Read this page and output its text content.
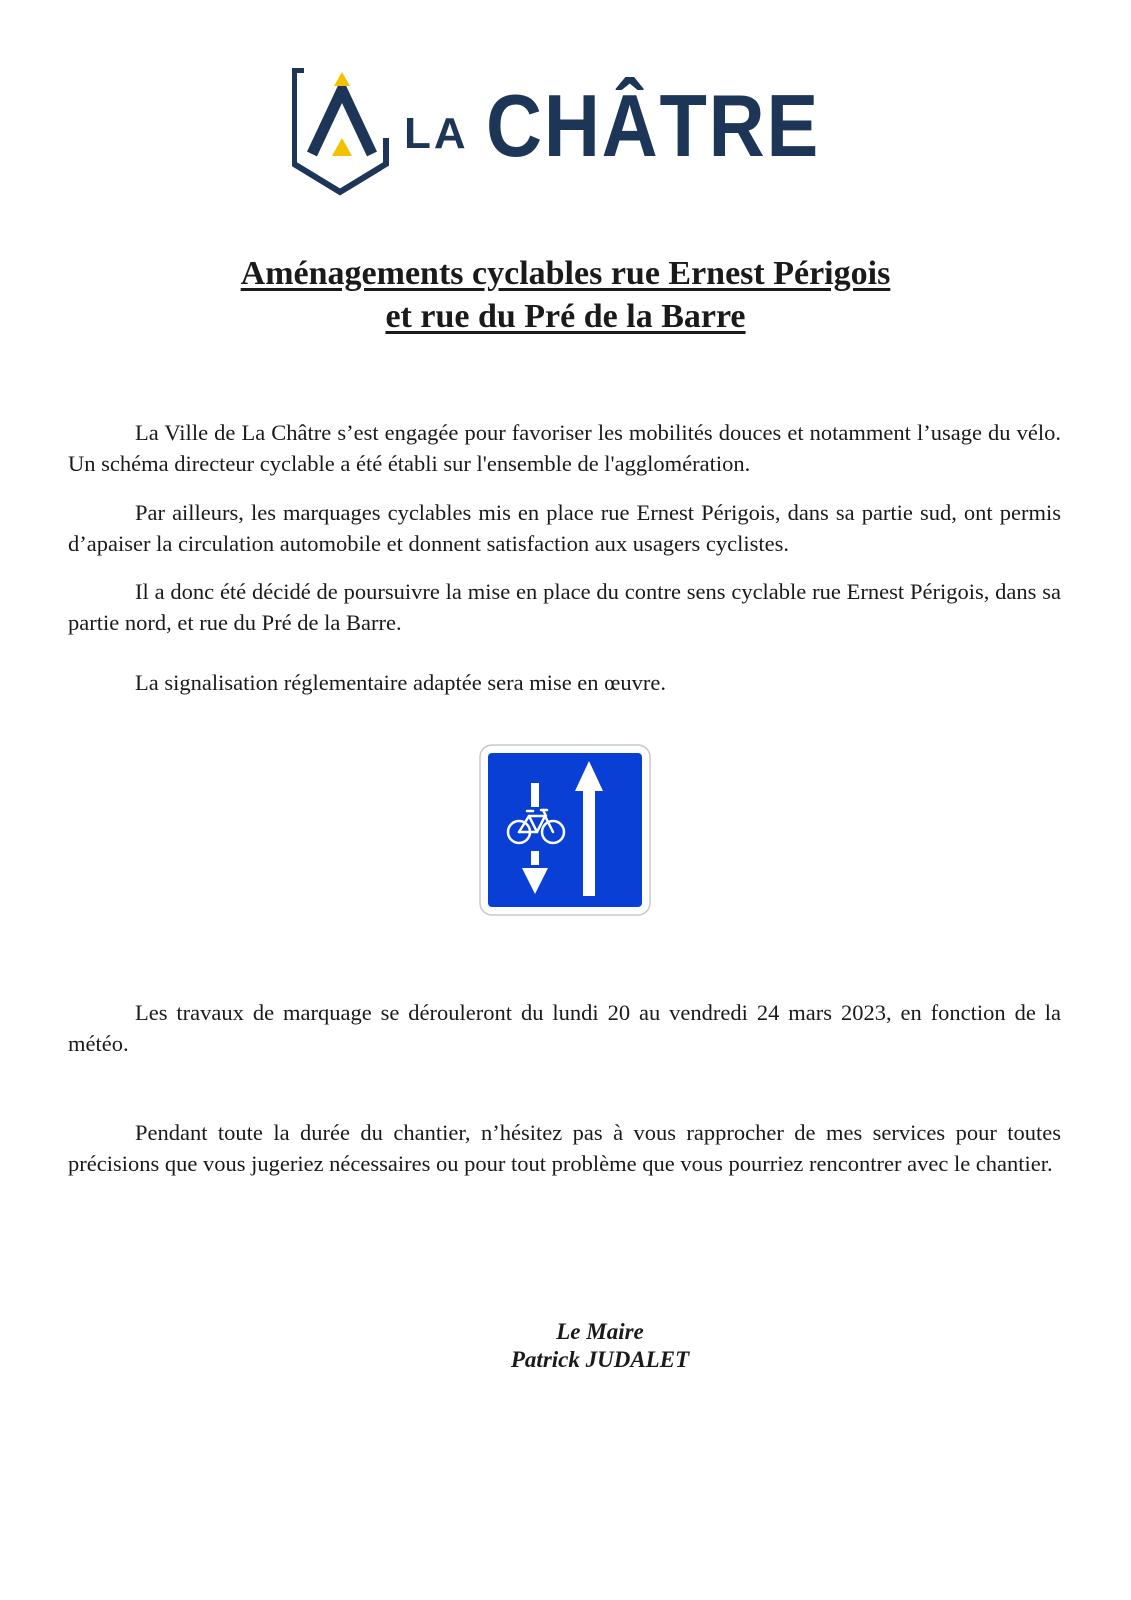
LA CHÂTRE
Aménagements cyclables rue Ernest Périgois
et rue du Pré de la Barre

La Ville de La Châtre s’est engagée pour favoriser les mobilités douces et notamment l’usage du vélo. Un schéma directeur cyclable a été établi sur l'ensemble de l'agglomération.

Par ailleurs, les marquages cyclables mis en place rue Ernest Périgois, dans sa partie sud, ont permis d’apaiser la circulation automobile et donnent satisfaction aux usagers cyclistes.

Il a donc été décidé de poursuivre la mise en place du contre sens cyclable rue Ernest Périgois, dans sa partie nord, et rue du Pré de la Barre.

La signalisation réglementaire adaptée sera mise en œuvre.

Les travaux de marquage se dérouleront du lundi 20 au vendredi 24 mars 2023, en fonction de la météo.

Pendant toute la durée du chantier, n’hésitez pas à vous rapprocher de mes services pour toutes précisions que vous jugeriez nécessaires ou pour tout problème que vous pourriez rencontrer avec le chantier.

Le Maire
Patrick JUDALET
